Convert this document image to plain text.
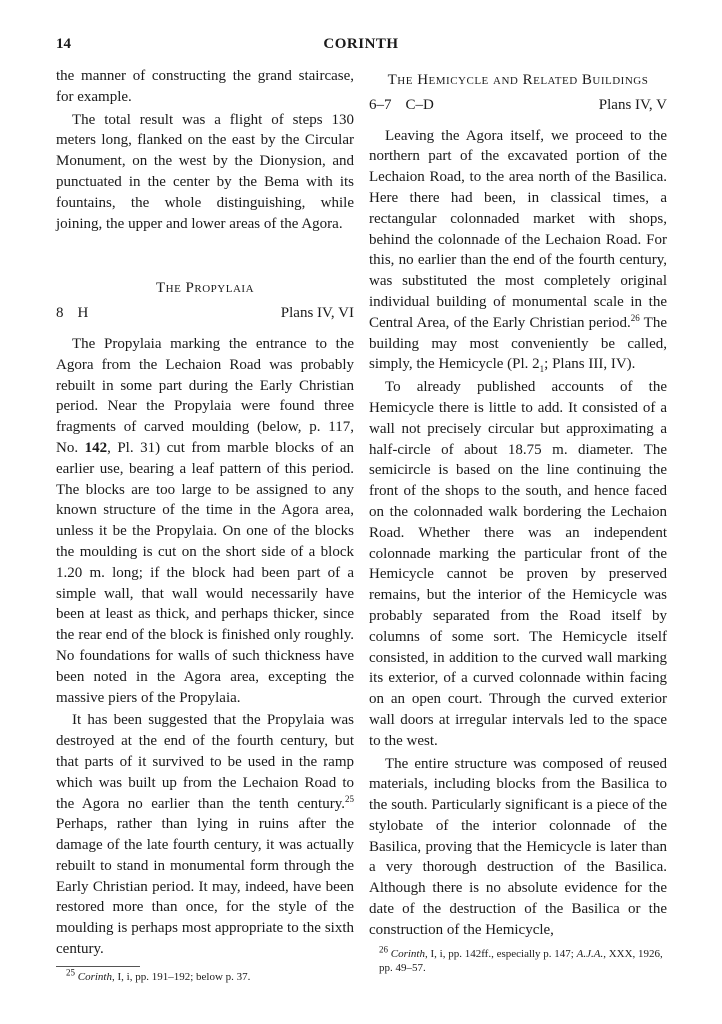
14	CORINTH

the manner of constructing the grand staircase, for example.

The total result was a flight of steps 130 meters long, flanked on the east by the Circular Monument, on the west by the Dionysion, and punctuated in the center by the Bema with its fountains, the whole distinguishing, while joining, the upper and lower areas of the Agora.

The Propylaia
8 H	Plans IV, VI

The Propylaia marking the entrance to the Agora from the Lechaion Road was probably rebuilt in some part during the Early Christian period. Near the Propylaia were found three fragments of carved moulding (below, p. 117, No. 142, Pl. 31) cut from marble blocks of an earlier use, bearing a leaf pattern of this period. The blocks are too large to be assigned to any known structure of the time in the Agora area, unless it be the Propylaia. On one of the blocks the moulding is cut on the short side of a block 1.20 m. long; if the block had been part of a simple wall, that wall would necessarily have been at least as thick, and perhaps thicker, since the rear end of the block is finished only roughly. No foundations for walls of such thickness have been noted in the Agora area, excepting the massive piers of the Propylaia.

It has been suggested that the Propylaia was destroyed at the end of the fourth century, but that parts of it survived to be used in the ramp which was built up from the Lechaion Road to the Agora no earlier than the tenth century.$^{25}$ Perhaps, rather than lying in ruins after the damage of the late fourth century, it was actually rebuilt to stand in monumental form through the Early Christian period. It may, indeed, have been restored more than once, for the style of the moulding is perhaps most appropriate to the sixth century.

$^{25}$ Corinth, I, i, pp. 191–192; below p. 37.

The Hemicycle and Related Buildings
6–7 C–D	Plans IV, V

Leaving the Agora itself, we proceed to the northern part of the excavated portion of the Lechaion Road, to the area north of the Basilica. Here there had been, in classical times, a rectangular colonnaded market with shops, behind the colonnade of the Lechaion Road. For this, no earlier than the end of the fourth century, was substituted the most completely original individual building of monumental scale in the Central Area, of the Early Christian period.$^{26}$ The building may most conveniently be called, simply, the Hemicycle (Pl. $2_1$; Plans III, IV).

To already published accounts of the Hemicycle there is little to add. It consisted of a wall not precisely circular but approximating a half-circle of about 18.75 m. diameter. The semicircle is based on the line continuing the front of the shops to the south, and hence faced on the colonnaded walk bordering the Lechaion Road. Whether there was an independent colonnade marking the particular front of the Hemicycle cannot be proven by preserved remains, but the interior of the Hemicycle was probably separated from the Road itself by columns of some sort. The Hemicycle itself consisted, in addition to the curved wall marking its exterior, of a curved colonnade within facing on an open court. Through the curved exterior wall doors at irregular intervals led to the space to the west.

The entire structure was composed of reused materials, including blocks from the Basilica to the south. Particularly significant is a piece of the stylobate of the interior colonnade of the Basilica, proving that the Hemicycle is later than a very thorough destruction of the Basilica. Although there is no absolute evidence for the date of the destruction of the Basilica or the construction of the Hemicycle,

$^{26}$ Corinth, I, i, pp. 142ff., especially p. 147; A.J.A., XXX, 1926, pp. 49–57.
